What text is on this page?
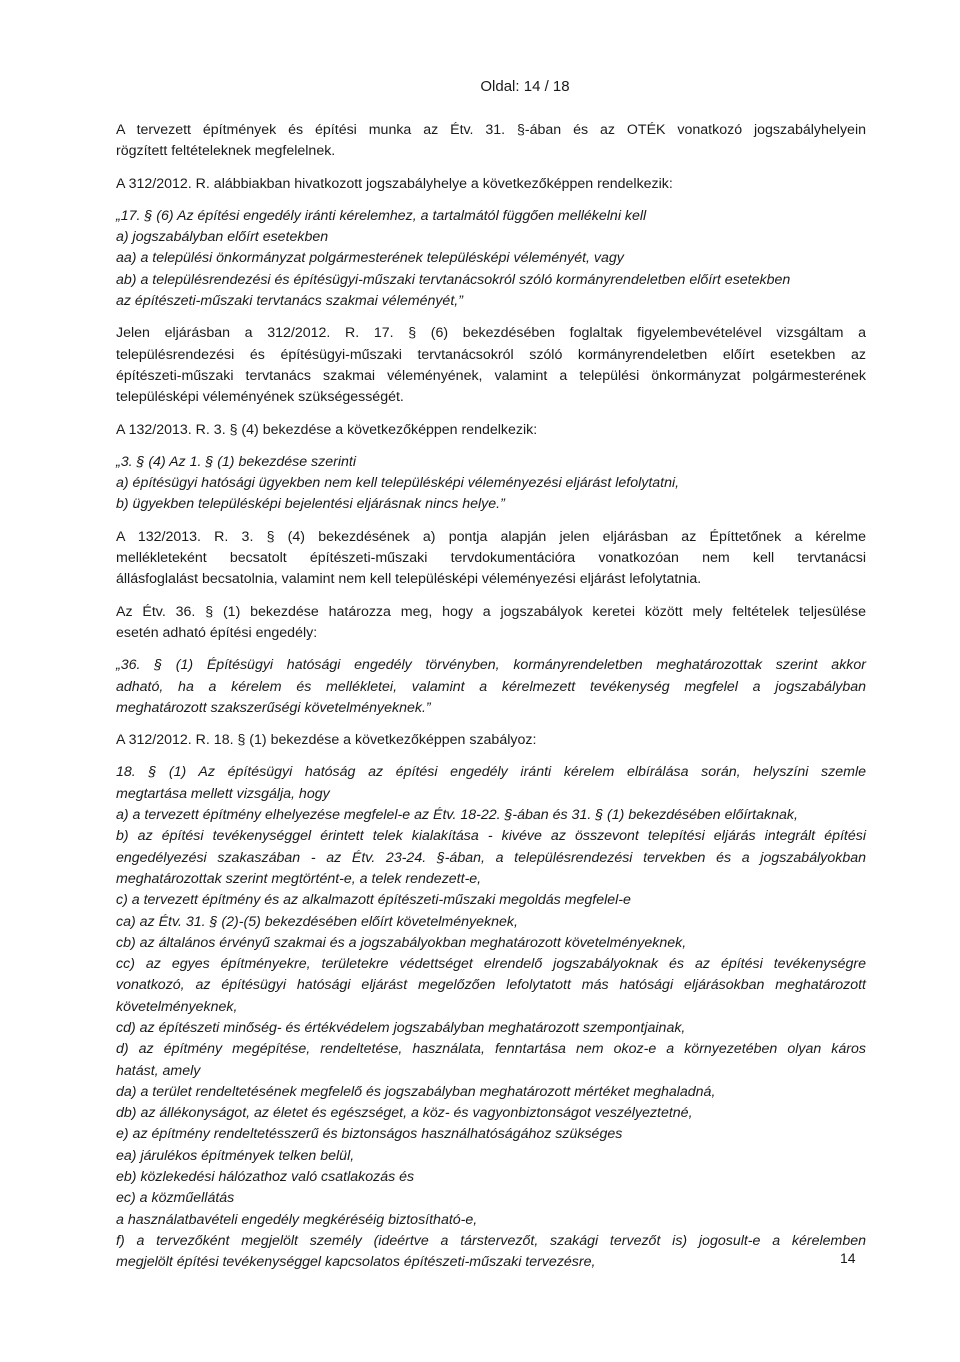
Oldal: 14 / 18
A tervezett építmények és építési munka az Étv. 31. §-ában és az OTÉK vonatkozó jogszabályhelyein
rögzített feltételeknek megfelelnek.
A 312/2012. R. alábbiakban hivatkozott jogszabályhelye a következőképpen rendelkezik:
„17. § (6) Az építési engedély iránti kérelemhez, a tartalmától függően mellékelni kell
a) jogszabályban előírt esetekben
aa) a települési önkormányzat polgármesterének településképi véleményét, vagy
ab) a településrendezési és építésügyi-műszaki tervtanácsokról szóló kormányrendeletben előírt esetekben
az építészeti-műszaki tervtanács szakmai véleményét,”
Jelen eljárásban a 312/2012. R. 17. § (6) bekezdésében foglaltak figyelembevételével vizsgáltam a
településrendezési és építésügyi-műszaki tervtanácsokról szóló kormányrendeletben előírt esetekben az
építészeti-műszaki tervtanács szakmai véleményének, valamint a települési önkormányzat polgármesterének
településképi véleményének szükségességét.
A 132/2013. R. 3. § (4) bekezdése a következőképpen rendelkezik:
„3. § (4) Az 1. § (1) bekezdése szerinti
a) építésügyi hatósági ügyekben nem kell településképi véleményezési eljárást lefolytatni,
b) ügyekben településképi bejelentési eljárásnak nincs helye.”
A 132/2013. R. 3. § (4) bekezdésének a) pontja alapján jelen eljárásban az Építtetőnek a kérelme
mellékleteként becsatolt építészeti-műszaki tervdokumentációra vonatkozóan nem kell tervtanácsi
állásfoglalást becsatolnia, valamint nem kell településképi véleményezési eljárást lefolytatnia.
Az Étv. 36. § (1) bekezdése határozza meg, hogy a jogszabályok keretei között mely feltételek teljesülése
esetén adható építési engedély:
„36. § (1) Építésügyi hatósági engedély törvényben, kormányrendeletben meghatározottak szerint akkor
adható, ha a kérelem és mellékletei, valamint a kérelmezett tevékenység megfelel a jogszabályban
meghatározott szakszerűségi követelményeknek.”
A 312/2012. R. 18. § (1) bekezdése a következőképpen szabályoz:
18. § (1) Az építésügyi hatóság az építési engedély iránti kérelem elbírálása során, helyszíni szemle
megtartása mellett vizsgálja, hogy
a) a tervezett építmény elhelyezése megfelel-e az Étv. 18-22. §-ában és 31. § (1) bekezdésében előírtaknak,
b) az építési tevékenységgel érintett telek kialakítása - kivéve az összevont telepítési eljárás integrált építési
engedélyezési szakaszában - az Étv. 23-24. §-ában, a településrendezési tervekben és a jogszabályokban
meghatározottak szerint megtörtént-e, a telek rendezett-e,
c) a tervezett építmény és az alkalmazott építészeti-műszaki megoldás megfelel-e
ca) az Étv. 31. § (2)-(5) bekezdésében előírt követelményeknek,
cb) az általános érvényű szakmai és a jogszabályokban meghatározott követelményeknek,
cc) az egyes építményekre, területekre védettséget elrendelő jogszabályoknak és az építési tevékenységre
vonatkozó, az építésügyi hatósági eljárást megelőzően lefolytatott más hatósági eljárásokban meghatározott
követelményeknek,
cd) az építészeti minőség- és értékvédelem jogszabályban meghatározott szempontjainak,
d) az építmény megépítése, rendeltetése, használata, fenntartása nem okoz-e a környezetében olyan káros
hatást, amely
da) a terület rendeltetésének megfelelő és jogszabályban meghatározott mértéket meghaladná,
db) az állékonyságot, az életet és egészséget, a köz- és vagyonbiztonságot veszélyeztetné,
e) az építmény rendeltetésszerű és biztonságos használhatóságához szükséges
ea) járulékos építmények telken belül,
eb) közlekedési hálózathoz való csatlakozás és
ec) a közműellátás
a használatbavételi engedély megkéréséig biztosítható-e,
f) a tervezőként megjelölt személy (ideértve a társtervezőt, szakági tervezőt is) jogosult-e a kérelemben
megjelölt építési tevékenységgel kapcsolatos építészeti-műszaki tervezésre,	14
